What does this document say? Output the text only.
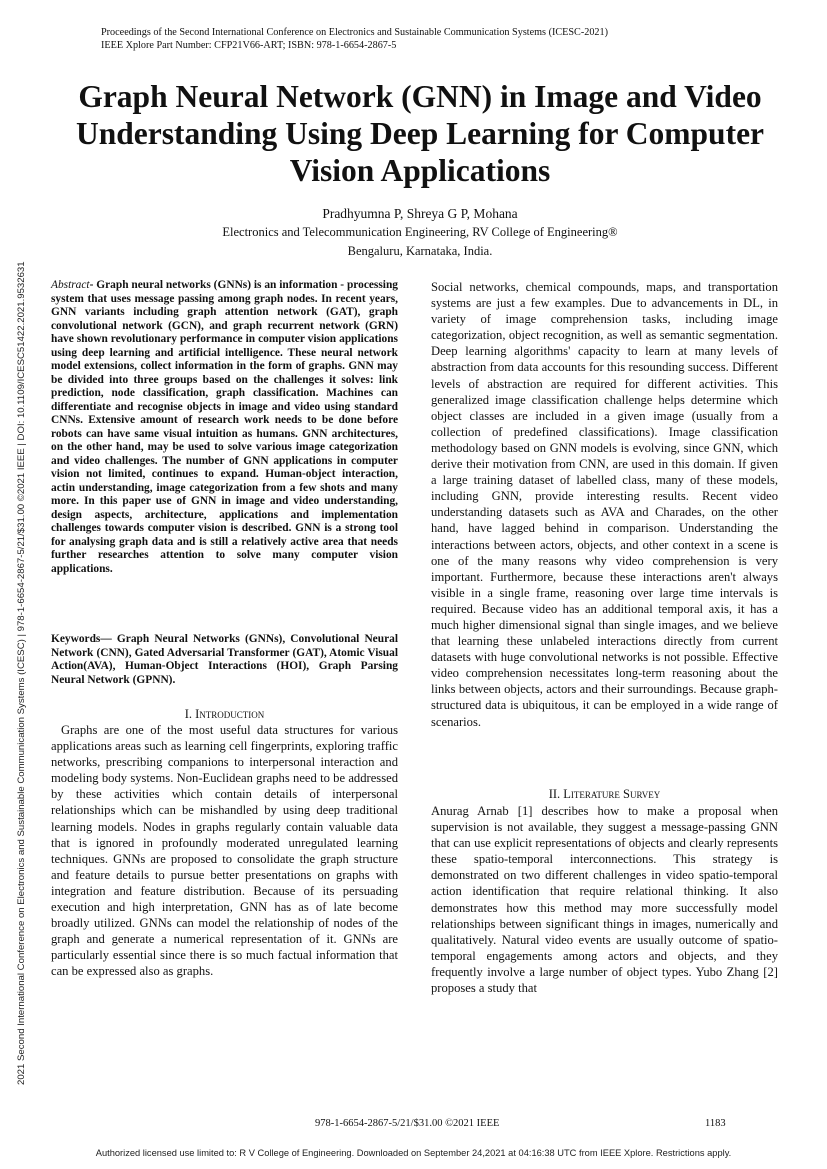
Proceedings of the Second International Conference on Electronics and Sustainable Communication Systems (ICESC-2021)
IEEE Xplore Part Number: CFP21V66-ART; ISBN: 978-1-6654-2867-5
2021 Second International Conference on Electronics and Sustainable Communication Systems (ICESC) | 978-1-6654-2867-5/21/$31.00 ©2021 IEEE | DOI: 10.1109/ICESC51422.2021.9532631
Graph Neural Network (GNN) in Image and Video
Understanding Using Deep Learning for Computer
Vision Applications
Pradhyumna P, Shreya G P, Mohana
Electronics and Telecommunication Engineering, RV College of Engineering®
Bengaluru, Karnataka, India.
Abstract- Graph neural networks (GNNs) is an information - processing system that uses message passing among graph nodes. In recent years, GNN variants including graph attention network (GAT), graph convolutional network (GCN), and graph recurrent network (GRN) have shown revolutionary performance in computer vision applications using deep learning and artificial intelligence. These neural network model extensions, collect information in the form of graphs. GNN may be divided into three groups based on the challenges it solves: link prediction, node classification, graph classification. Machines can differentiate and recognise objects in image and video using standard CNNs. Extensive amount of research work needs to be done before robots can have same visual intuition as humans. GNN architectures, on the other hand, may be used to solve various image categorization and video challenges. The number of GNN applications in computer vision not limited, continues to expand. Human-object interaction, actin understanding, image categorization from a few shots and many more. In this paper use of GNN in image and video understanding, design aspects, architecture, applications and implementation challenges towards computer vision is described. GNN is a strong tool for analysing graph data and is still a relatively active area that needs further researches attention to solve many computer vision applications.
Keywords— Graph Neural Networks (GNNs), Convolutional Neural Network (CNN), Gated Adversarial Transformer (GAT), Atomic Visual Action(AVA), Human-Object Interactions (HOI), Graph Parsing Neural Network (GPNN).
I. Introduction
Graphs are one of the most useful data structures for various applications areas such as learning cell fingerprints, exploring traffic networks, prescribing companions to interpersonal interaction and modeling body systems. Non-Euclidean graphs need to be addressed by these activities which contain details of interpersonal relationships which can be mishandled by using deep traditional learning models. Nodes in graphs regularly contain valuable data that is ignored in profoundly moderated unregulated learning techniques. GNNs are proposed to consolidate the graph structure and feature details to pursue better presentations on graphs with integration and feature distribution. Because of its persuading execution and high interpretation, GNN has as of late become broadly utilized. GNNs can model the relationship of nodes of the graph and generate a numerical representation of it. GNNs are particularly essential since there is so much factual information that can be expressed also as graphs.
Social networks, chemical compounds, maps, and transportation systems are just a few examples. Due to advancements in DL, in variety of image comprehension tasks, including image categorization, object recognition, as well as semantic segmentation. Deep learning algorithms' capacity to learn at many levels of abstraction from data accounts for this resounding success. Different levels of abstraction are required for different activities. This generalized image classification challenge helps determine which object classes are included in a given image (usually from a collection of predefined classifications). Image classification methodology based on GNN models is evolving, since GNN, which derive their motivation from CNN, are used in this domain. If given a large training dataset of labelled class, many of these models, including GNN, provide interesting results. Recent video understanding datasets such as AVA and Charades, on the other hand, have lagged behind in comparison. Understanding the interactions between actors, objects, and other context in a scene is one of the many reasons why video comprehension is very important. Furthermore, because these interactions aren't always visible in a single frame, reasoning over large time intervals is required. Because video has an additional temporal axis, it has a much higher dimensional signal than single images, and we believe that learning these unlabeled interactions directly from current datasets with huge convolutional networks is not possible. Effective video comprehension necessitates long-term reasoning about the links between objects, actors and their surroundings. Because graph-structured data is ubiquitous, it can be employed in a wide range of scenarios.
II. Literature Survey
Anurag Arnab [1] describes how to make a proposal when supervision is not available, they suggest a message-passing GNN that can use explicit representations of objects and clearly represents these spatio-temporal interconnections. This strategy is demonstrated on two different challenges in video spatio-temporal action identification that require relational thinking. It also demonstrates how this method may more successfully model relationships between significant things in images, numerically and qualitatively. Natural video events are usually outcome of spatio-temporal engagements among actors and objects, and they frequently involve a large number of object types. Yubo Zhang [2] proposes a study that
978-1-6654-2867-5/21/$31.00 ©2021 IEEE	1183
Authorized licensed use limited to: R V College of Engineering. Downloaded on September 24,2021 at 04:16:38 UTC from IEEE Xplore. Restrictions apply.
